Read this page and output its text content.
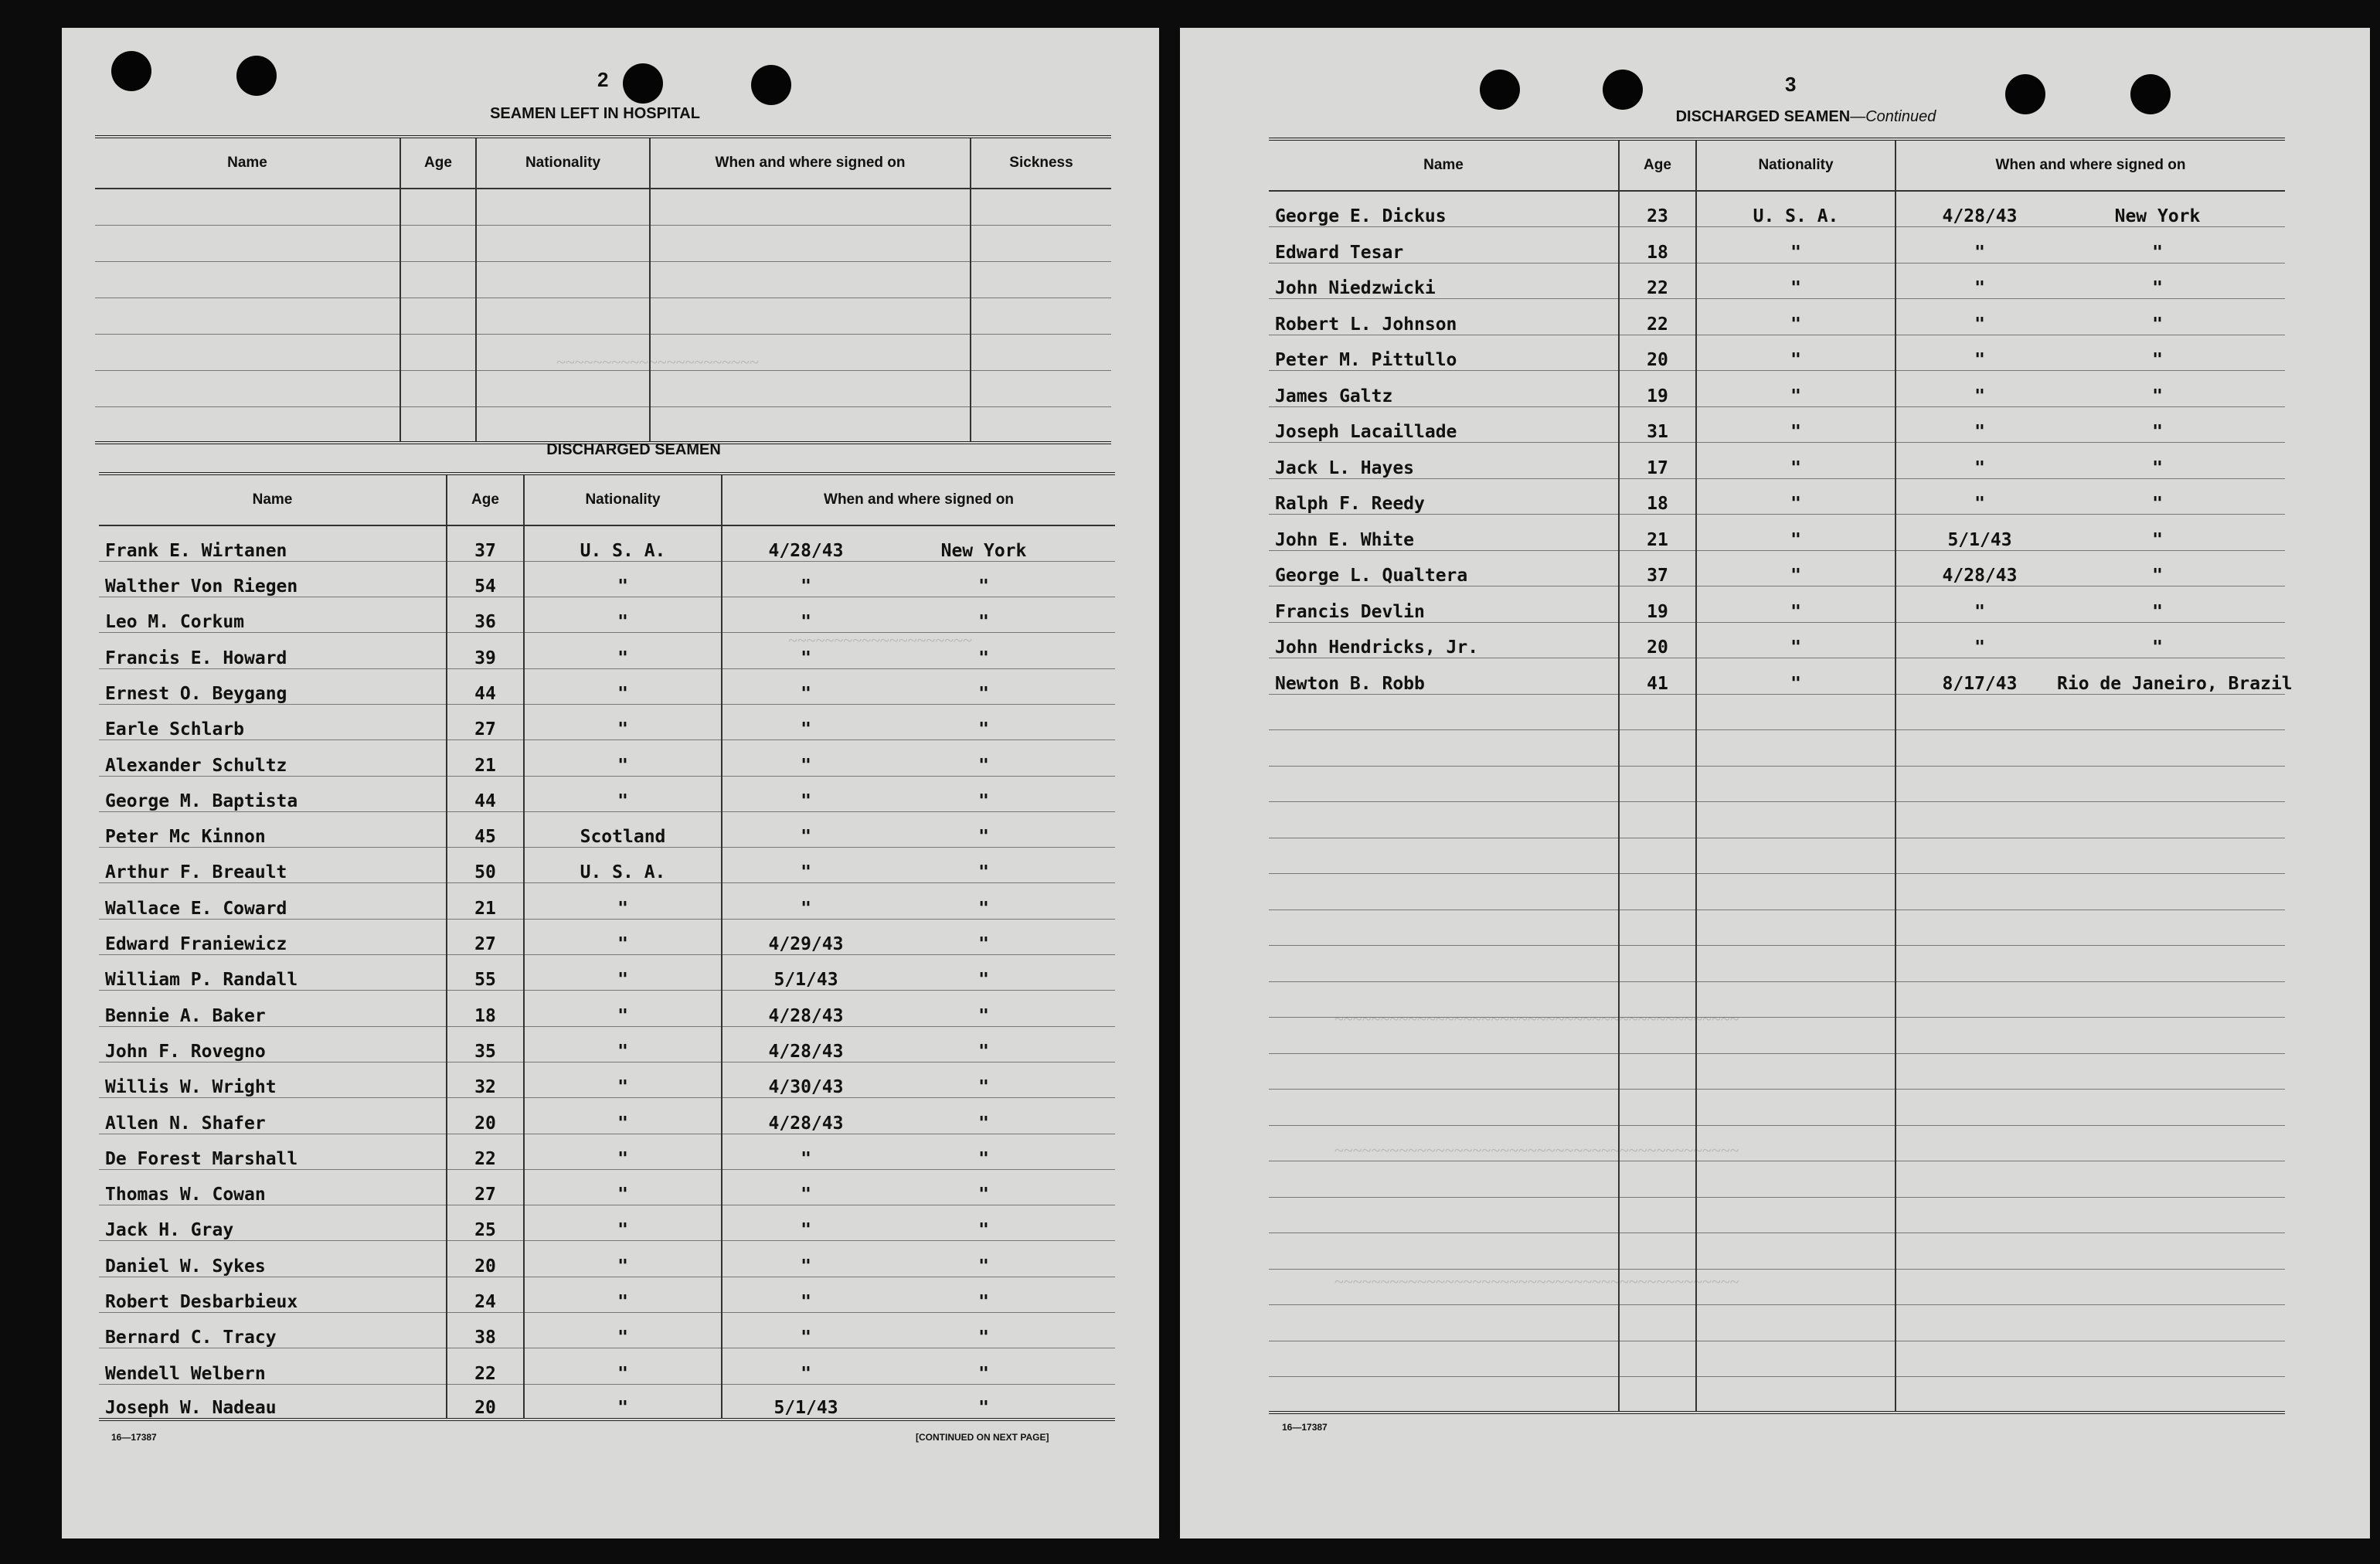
~~~~~~~~~~~~~~~~~~~~~~
~~~~~~~~~~~~~~~~~~~~
2
SEAMEN LEFT IN HOSPITAL
Name	Age	Nationality	When and where signed on	Sickness

DISCHARGED SEAMEN
Name	Age	Nationality	When and where signed on
Frank E. Wirtanen	37	U. S. A.	4/28/43 New York
Walther Von Riegen	54	"	" "
Leo M. Corkum	36	"	" "
Francis E. Howard	39	"	" "
Ernest O. Beygang	44	"	" "
Earle Schlarb	27	"	" "
Alexander Schultz	21	"	" "
George M. Baptista	44	"	" "
Peter Mc Kinnon	45	Scotland	" "
Arthur F. Breault	50	U. S. A.	" "
Wallace E. Coward	21	"	" "
Edward Franiewicz	27	"	4/29/43 "
William P. Randall	55	"	5/1/43 "
Bennie A. Baker	18	"	4/28/43 "
John F. Rovegno	35	"	4/28/43 "
Willis W. Wright	32	"	4/30/43 "
Allen N. Shafer	20	"	4/28/43 "
De Forest Marshall	22	"	" "
Thomas W. Cowan	27	"	" "
Jack H. Gray	25	"	" "
Daniel W. Sykes	20	"	" "
Robert Desbarbieux	24	"	" "
Bernard C. Tracy	38	"	" "
Wendell Welbern	22	"	" "
Joseph W. Nadeau	20	"	5/1/43 "
16—17387	[CONTINUED ON NEXT PAGE]
~~~~~~~~~~~~~~~~~~~~~~~~~~~~~~~~~~~~~~~~~~~~
~~~~~~~~~~~~~~~~~~~~~~~~~~~~~~~~~~~~~~~~~~~~
~~~~~~~~~~~~~~~~~~~~~~~~~~~~~~~~~~~~~~~~~~~~
3
DISCHARGED SEAMEN—Continued
Name	Age	Nationality	When and where signed on
George E. Dickus	23	U. S. A.	4/28/43 New York
Edward Tesar	18	"	" "
John Niedzwicki	22	"	" "
Robert L. Johnson	22	"	" "
Peter M. Pittullo	20	"	" "
James Galtz	19	"	" "
Joseph Lacaillade	31	"	" "
Jack L. Hayes	17	"	" "
Ralph F. Reedy	18	"	" "
John E. White	21	"	5/1/43 "
George L. Qualtera	37	"	4/28/43 "
Francis Devlin	19	"	" "
John Hendricks, Jr.	20	"	" "
Newton B. Robb	41	"	8/17/43 Rio de Janeiro, Brazil

16—17387
